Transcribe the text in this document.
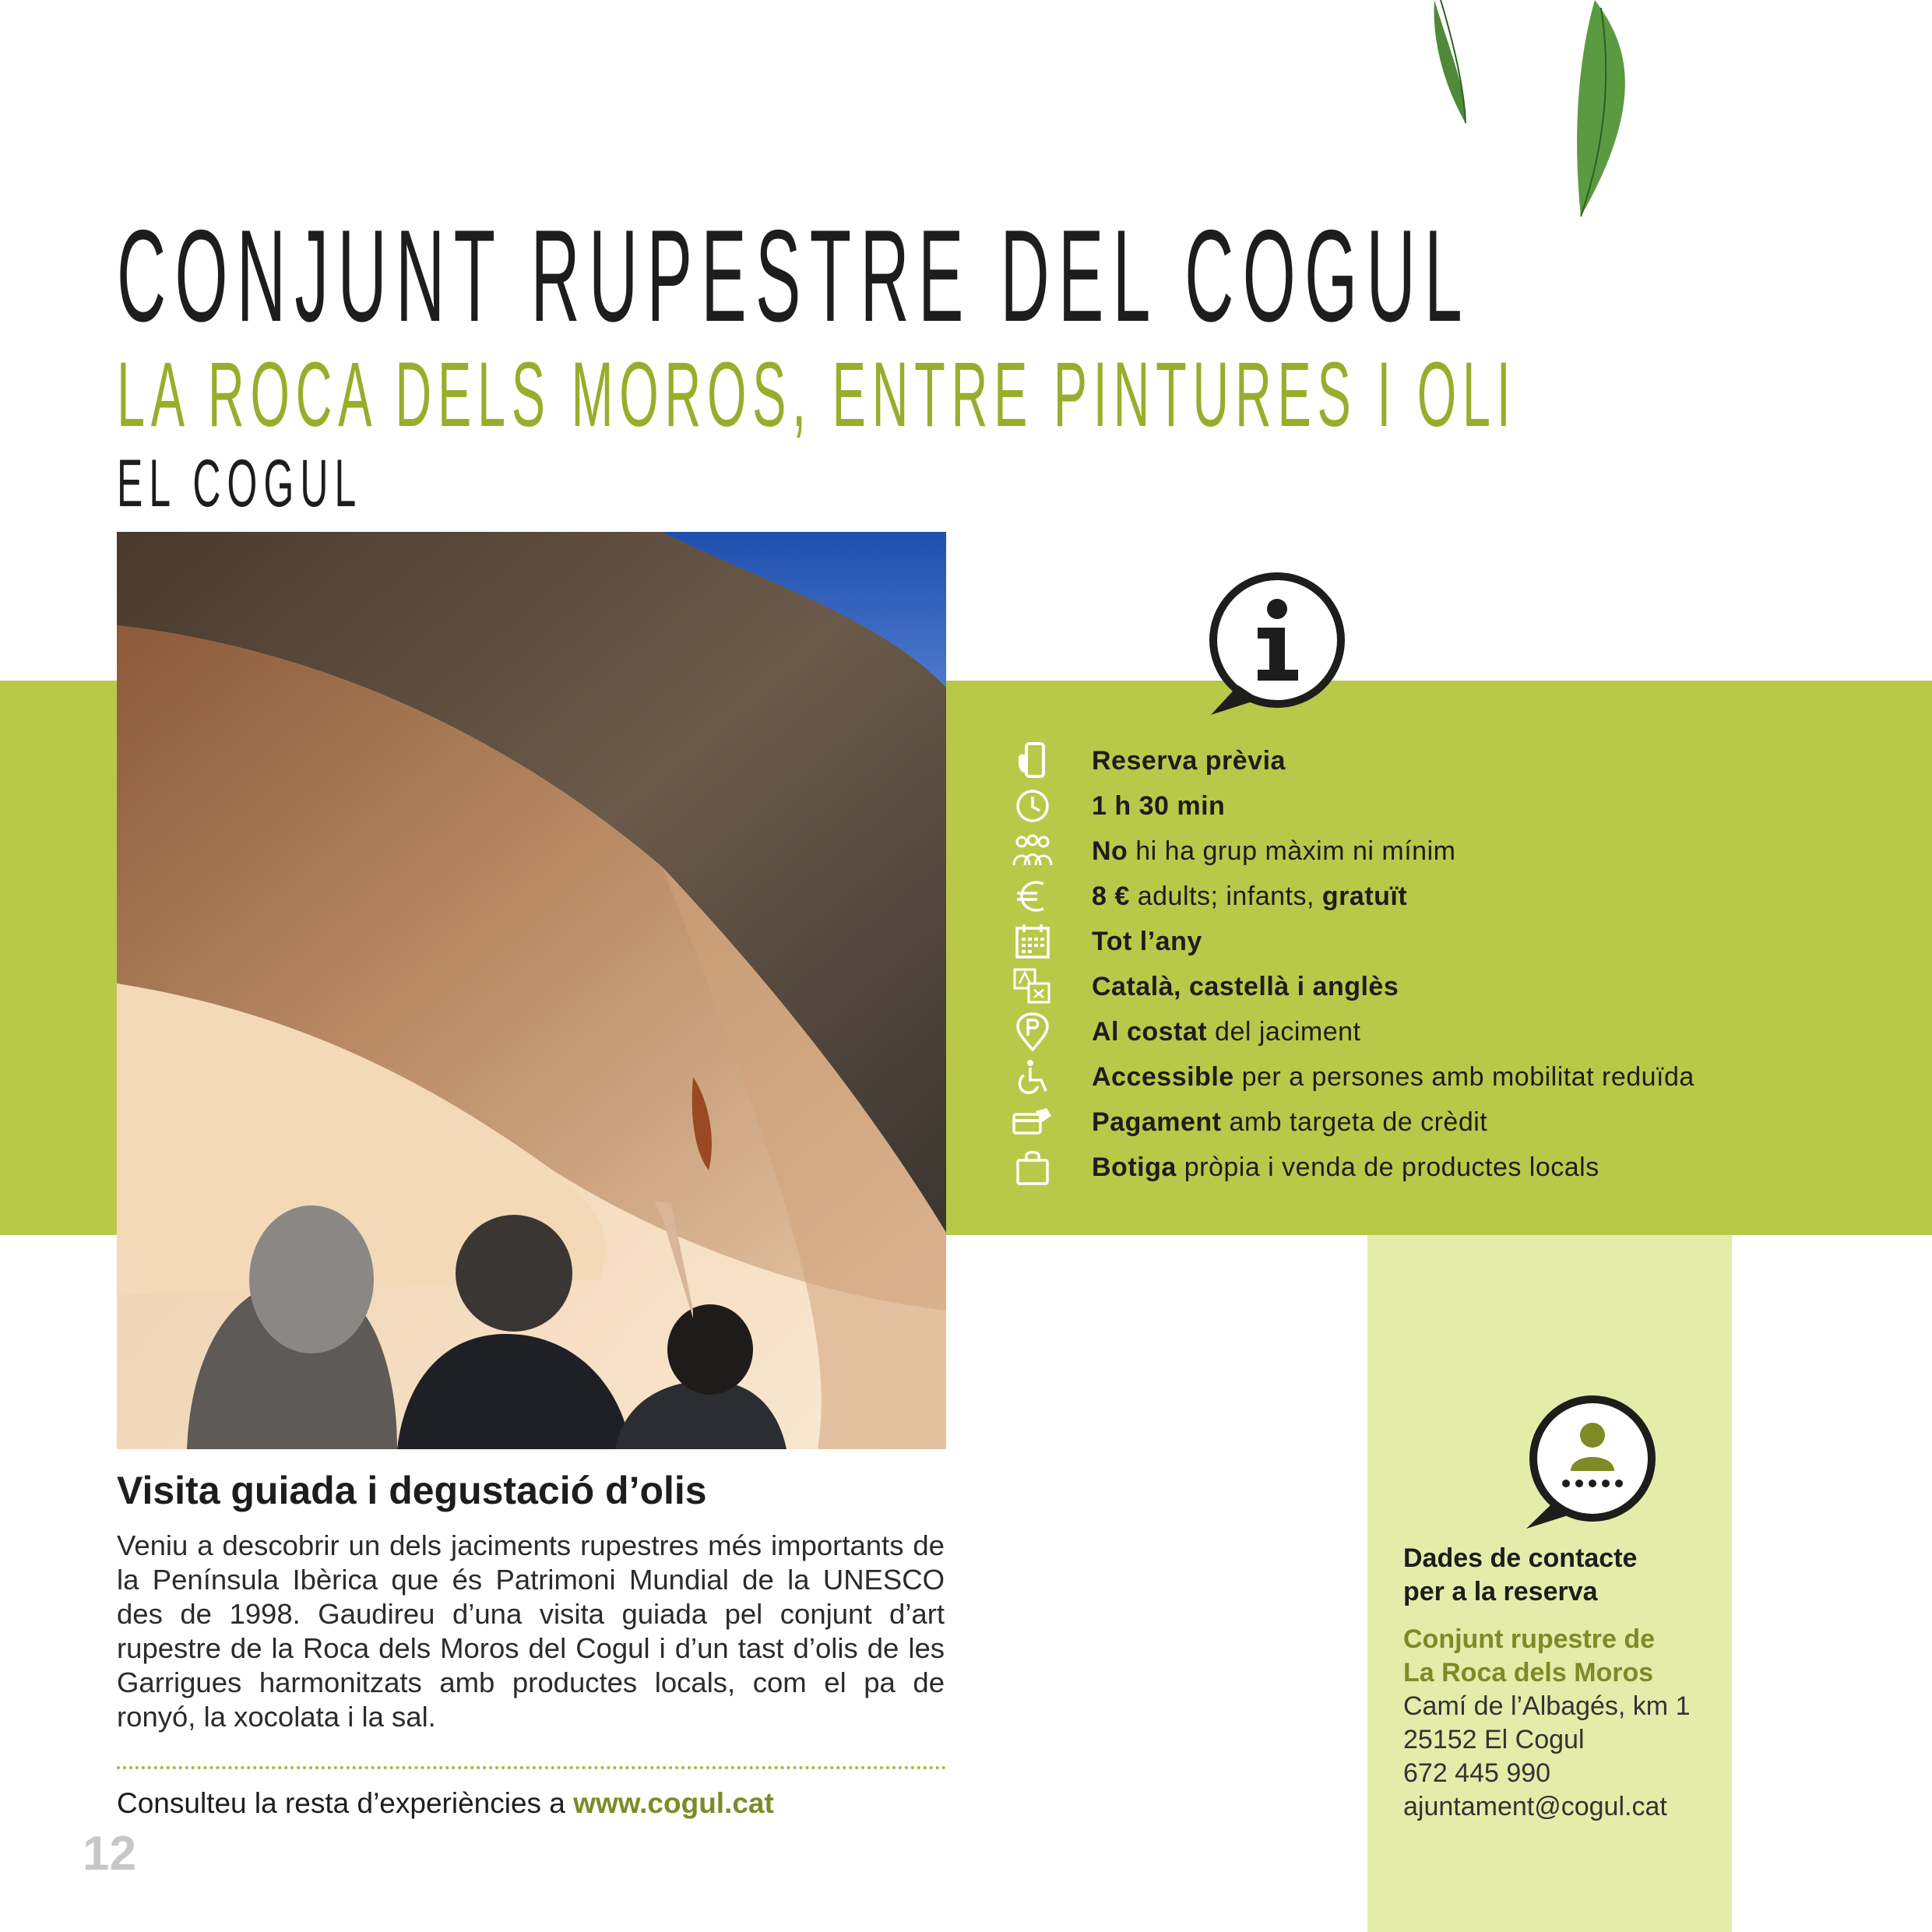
CONJUNT RUPESTRE DEL COGUL
LA ROCA DELS MOROS, ENTRE PINTURES I OLI
EL COGUL
Reserva prèvia
1 h 30 min
No hi ha grup màxim ni mínim
8 € adults; infants, gratuït
Tot l’any
Català, castellà i anglès
Al costat del jaciment
Accessible per a persones amb mobilitat reduïda
Pagament amb targeta de crèdit
Botiga pròpia i venda de productes locals
Visita guiada i degustació d’olis
Veniu a descobrir un dels jaciments rupestres més importants de la Península Ibèrica que és Patrimoni Mundial de la UNESCO des de 1998. Gaudireu d’una visita guiada pel conjunt d’art rupestre de la Roca dels Moros del Cogul i d’un tast d’olis de les Garrigues harmonitzats amb productes locals, com el pa de ronyó, la xocolata i la sal.
Consulteu la resta d’experiències a www.cogul.cat
12
Dades de contacte
per a la reserva
Conjunt rupestre de
La Roca dels Moros
Camí de l’Albagés, km 1
25152 El Cogul
672 445 990
ajuntament@cogul.cat
